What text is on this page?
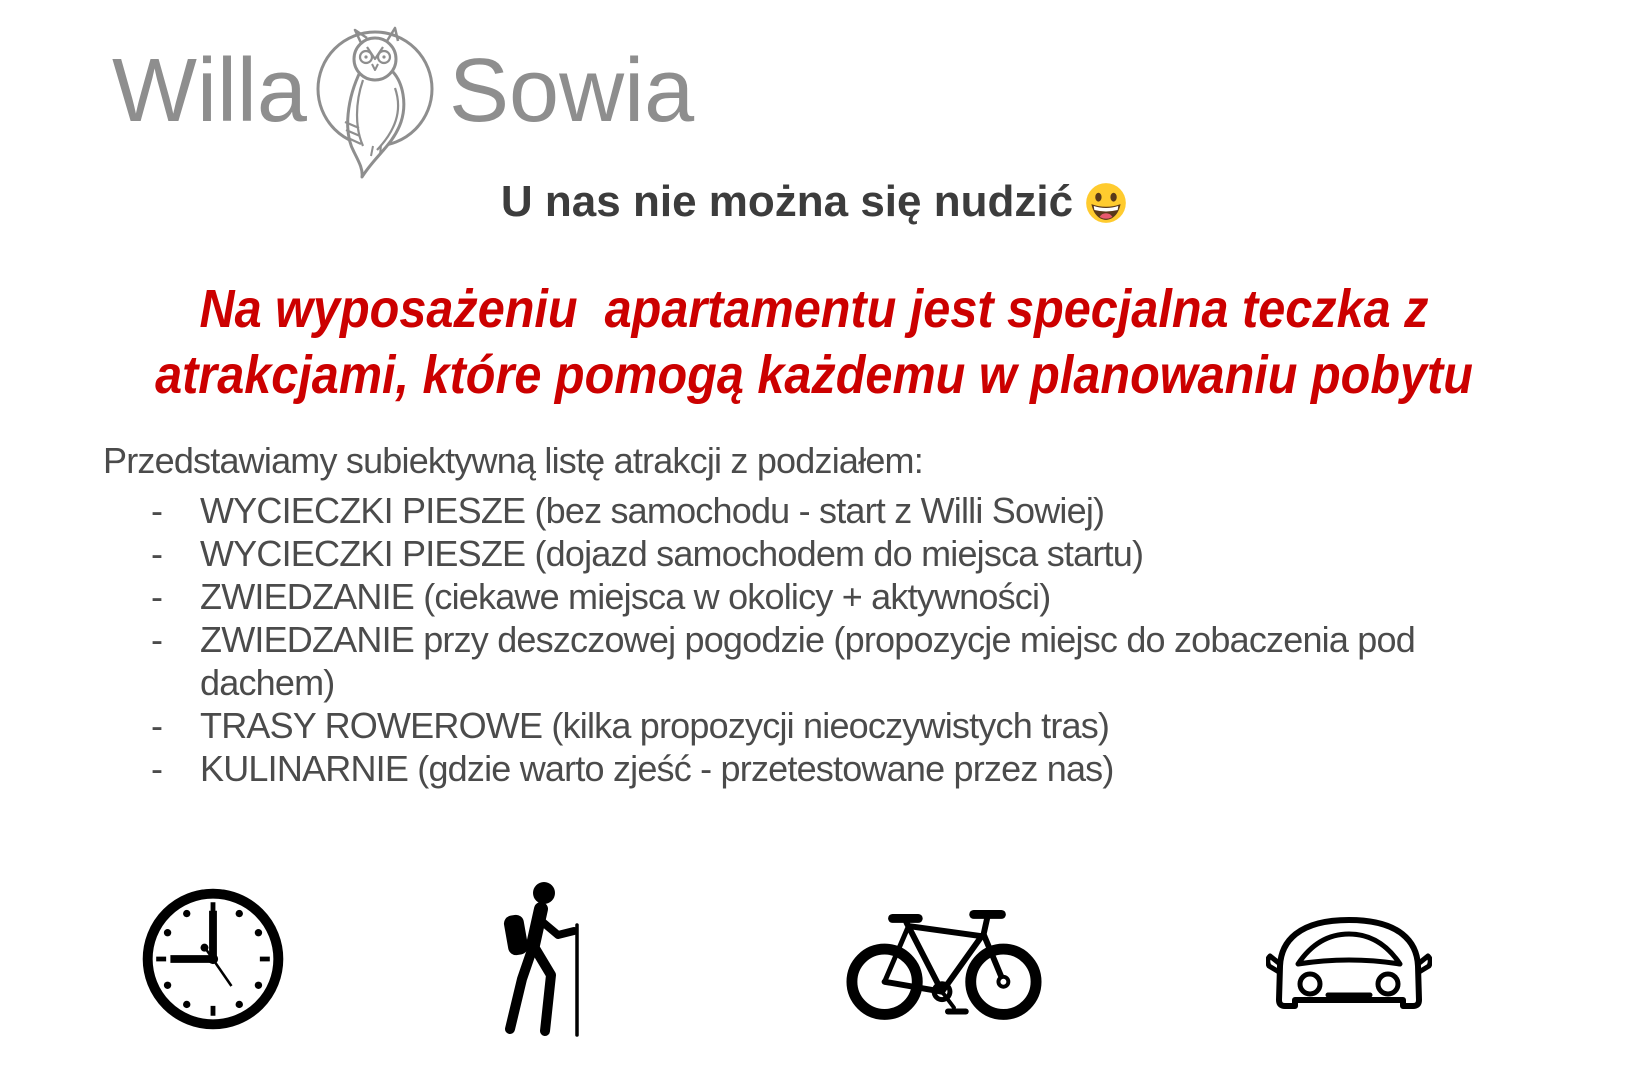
Willa Sowia
U nas nie można się nudzić
Na wyposażeniu  apartamentu jest specjalna teczka z
atrakcjami, które pomogą każdemu w planowaniu pobytu
Przedstawiamy subiektywną listę atrakcji z podziałem:
-	WYCIECZKI PIESZE (bez samochodu - start z Willi Sowiej)
-	WYCIECZKI PIESZE (dojazd samochodem do miejsca startu)
-	ZWIEDZANIE (ciekawe miejsca w okolicy + aktywności)
-	ZWIEDZANIE przy deszczowej pogodzie (propozycje miejsc do zobaczenia pod
dachem)
-	TRASY ROWEROWE (kilka propozycji nieoczywistych tras)
-	KULINARNIE (gdzie warto zjeść - przetestowane przez nas)
